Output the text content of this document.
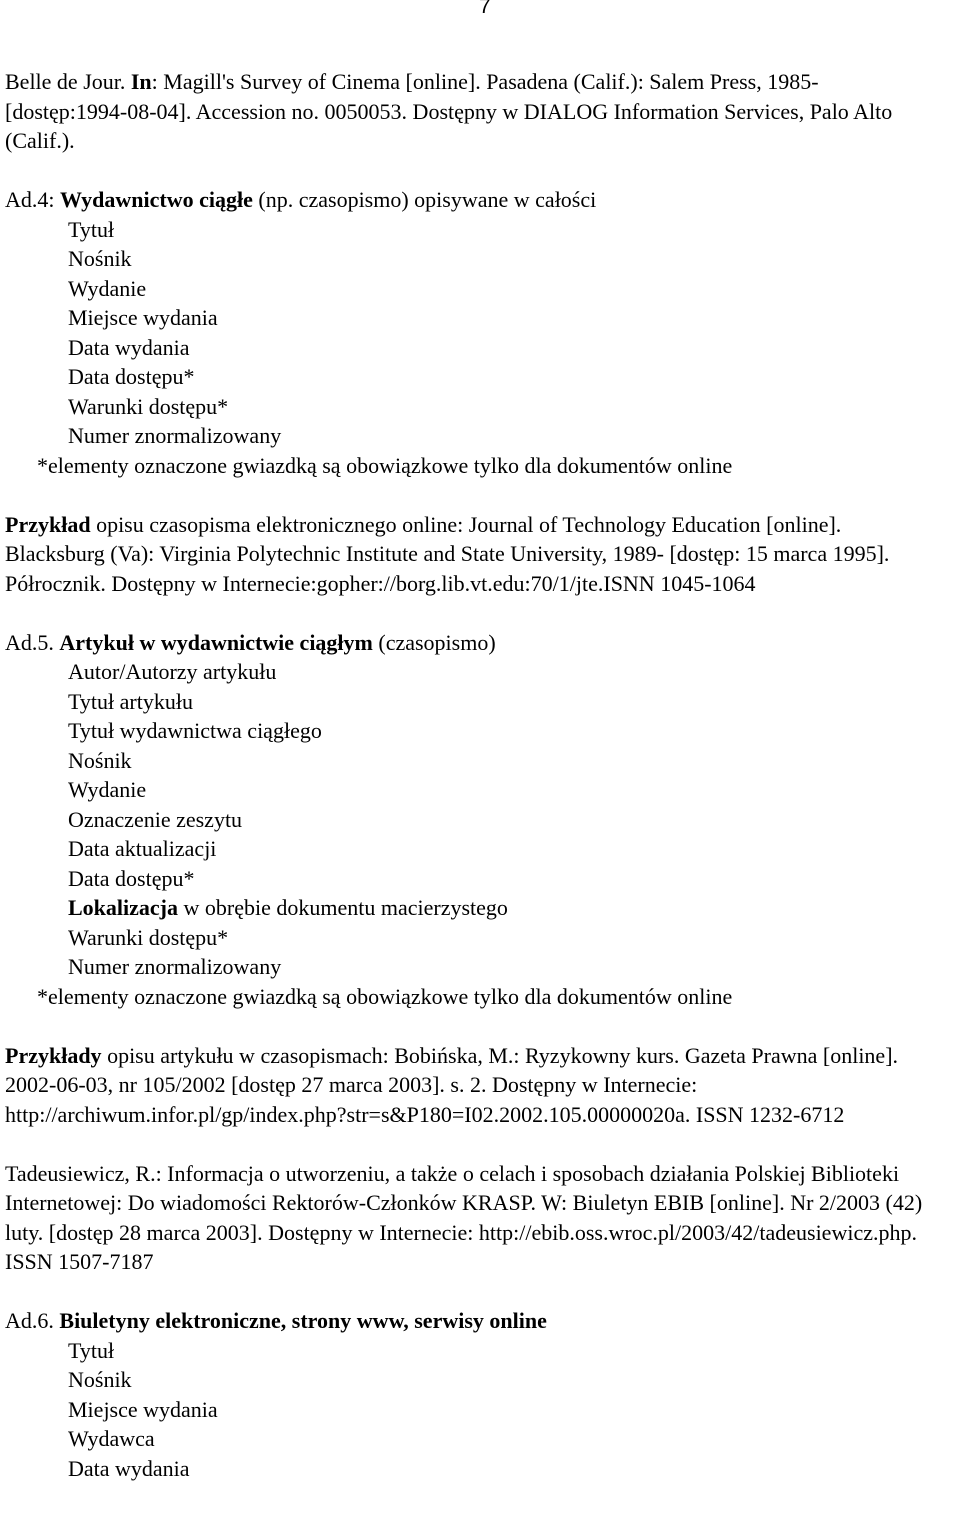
7

Belle de Jour. In: Magill's Survey of Cinema [online]. Pasadena (Calif.): Salem Press, 1985-[dostęp:1994-08-04]. Accession no. 0050053. Dostępny w DIALOG Information Services, Palo Alto (Calif.).

Ad.4: Wydawnictwo ciągłe (np. czasopismo) opisywane w całości

Tytuł
Nośnik
Wydanie
Miejsce wydania
Data wydania
Data dostępu*
Warunki dostępu*
Numer znormalizowany

*elementy oznaczone gwiazdką są obowiązkowe tylko dla dokumentów online

Przykład opisu czasopisma elektronicznego online: Journal of Technology Education [online]. Blacksburg (Va): Virginia Polytechnic Institute and State University, 1989- [dostęp: 15 marca 1995]. Półrocznik. Dostępny w Internecie:gopher://borg.lib.vt.edu:70/1/jte.ISNN 1045-1064

Ad.5. Artykuł w wydawnictwie ciągłym (czasopismo)

Autor/Autorzy artykułu
Tytuł artykułu
Tytuł wydawnictwa ciągłego
Nośnik
Wydanie
Oznaczenie zeszytu
Data aktualizacji
Data dostępu*
Lokalizacja w obrębie dokumentu macierzystego
Warunki dostępu*
Numer znormalizowany

*elementy oznaczone gwiazdką są obowiązkowe tylko dla dokumentów online

Przykłady opisu artykułu w czasopismach: Bobińska, M.: Ryzykowny kurs. Gazeta Prawna [online]. 2002-06-03, nr 105/2002 [dostęp 27 marca 2003]. s. 2. Dostępny w Internecie: http://archiwum.infor.pl/gp/index.php?str=s&P180=I02.2002.105.00000020a. ISSN 1232-6712

Tadeusiewicz, R.: Informacja o utworzeniu, a także o celach i sposobach działania Polskiej Biblioteki Internetowej: Do wiadomości Rektorów-Członków KRASP. W: Biuletyn EBIB [online]. Nr 2/2003 (42) luty. [dostęp 28 marca 2003]. Dostępny w Internecie: http://ebib.oss.wroc.pl/2003/42/tadeusiewicz.php. ISSN 1507-7187

Ad.6. Biuletyny elektroniczne, strony www, serwisy online

Tytuł
Nośnik
Miejsce wydania
Wydawca
Data wydania
